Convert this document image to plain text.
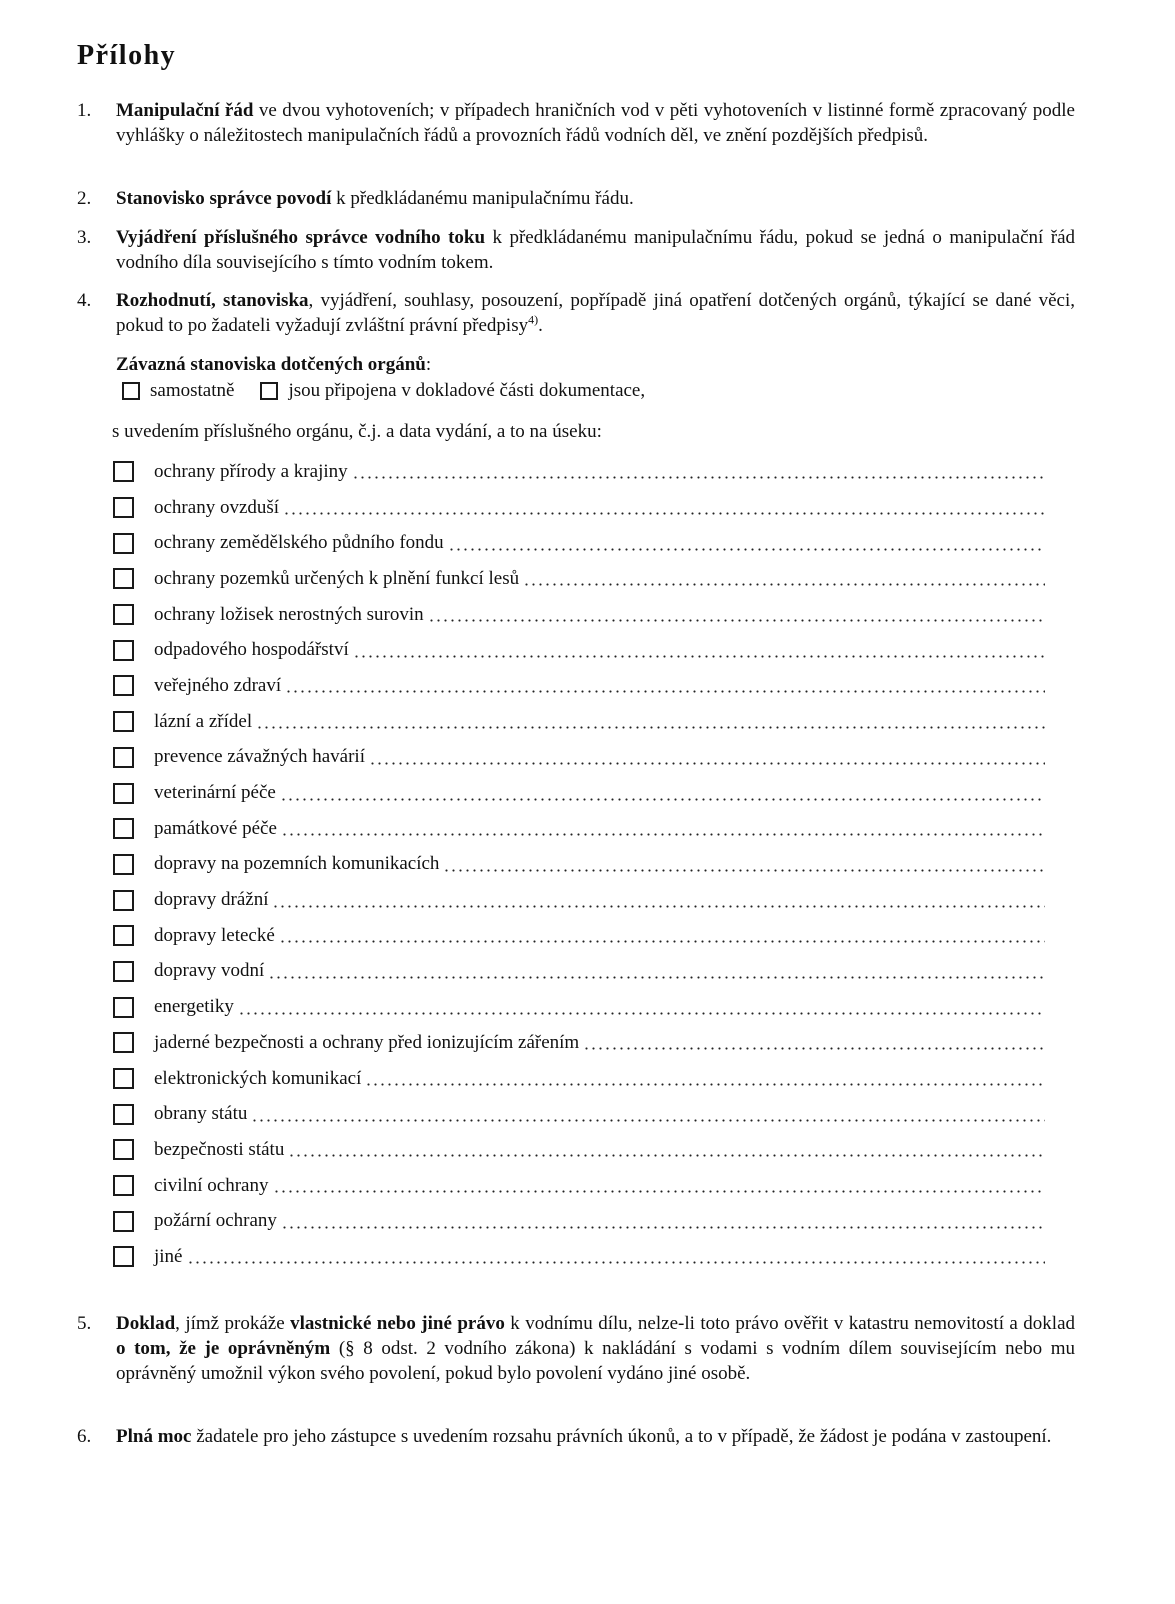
Přílohy
1.	Manipulační řád ve dvou vyhotoveních; v případech hraničních vod v pěti vyhotoveních v listinné formě zpracovaný podle vyhlášky o náležitostech manipulačních řádů a provozních řádů vodních děl, ve znění pozdějších předpisů.
2.	Stanovisko správce povodí k předkládanému manipulačnímu řádu.
3.	Vyjádření příslušného správce vodního toku k předkládanému manipulačnímu řádu, pokud se jedná o manipulační řád vodního díla souvisejícího s tímto vodním tokem.
4.	Rozhodnutí, stanoviska, vyjádření, souhlasy, posouzení, popřípadě jiná opatření dotčených orgánů, týkající se dané věci, pokud to po žadateli vyžadují zvláštní právní předpisy$^{4)}$.
Závazná stanoviska dotčených orgánů:
samostatně	jsou připojena v dokladové části dokumentace,
s uvedením příslušného orgánu, č.j. a data vydání, a to na úseku:
ochrany přírody a krajiny
ochrany ovzduší
ochrany zemědělského půdního fondu
ochrany pozemků určených k plnění funkcí lesů
ochrany ložisek nerostných surovin
odpadového hospodářství
veřejného zdraví
lázní a zřídel
prevence závažných havárií
veterinární péče
památkové péče
dopravy na pozemních komunikacích
dopravy drážní
dopravy letecké
dopravy vodní
energetiky
jaderné bezpečnosti a ochrany před ionizujícím zářením
elektronických komunikací
obrany státu
bezpečnosti státu
civilní ochrany
požární ochrany
jiné
5.	Doklad, jímž prokáže vlastnické nebo jiné právo k vodnímu dílu, nelze-li toto právo ověřit v katastru nemovitostí a doklad o tom, že je oprávněným (§ 8 odst. 2 vodního zákona) k nakládání s vodami s vodním dílem souvisejícím nebo mu oprávněný umožnil výkon svého povolení, pokud bylo povolení vydáno jiné osobě.
6.	Plná moc žadatele pro jeho zástupce s uvedením rozsahu právních úkonů, a to v případě, že žádost je podána v zastoupení.
